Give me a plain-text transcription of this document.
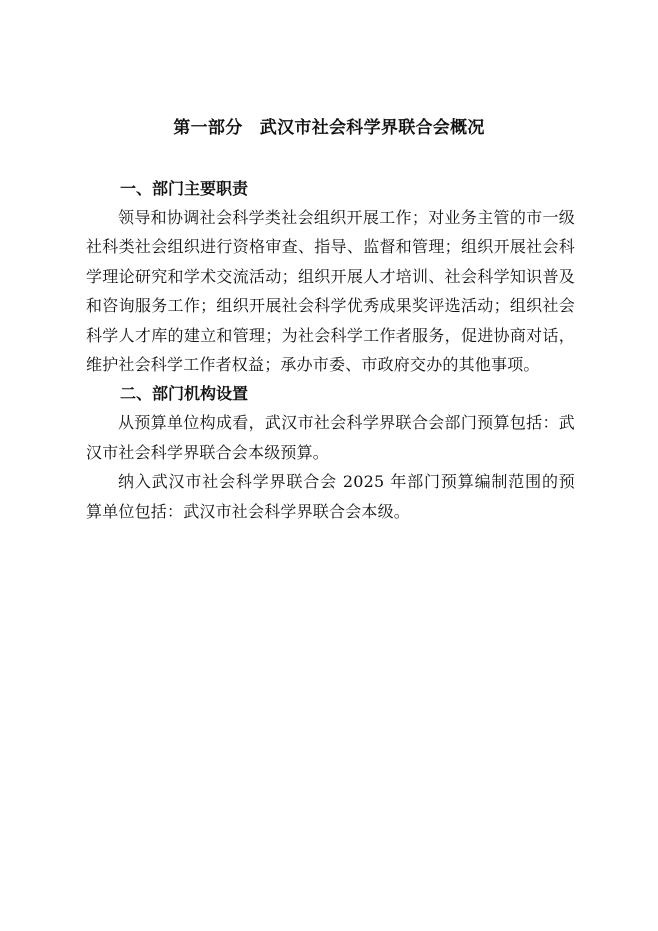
第一部分　武汉市社会科学界联合会概况

一、部门主要职责

领导和协调社会科学类社会组织开展工作；对业务主管的市一级社科类社会组织进行资格审查、指导、监督和管理；组织开展社会科学理论研究和学术交流活动；组织开展人才培训、社会科学知识普及和咨询服务工作；组织开展社会科学优秀成果奖评选活动；组织社会科学人才库的建立和管理；为社会科学工作者服务，促进协商对话，维护社会科学工作者权益；承办市委、市政府交办的其他事项。

二、部门机构设置

从预算单位构成看，武汉市社会科学界联合会部门预算包括：武汉市社会科学界联合会本级预算。

纳入武汉市社会科学界联合会 2025 年部门预算编制范围的预算单位包括：武汉市社会科学界联合会本级。
